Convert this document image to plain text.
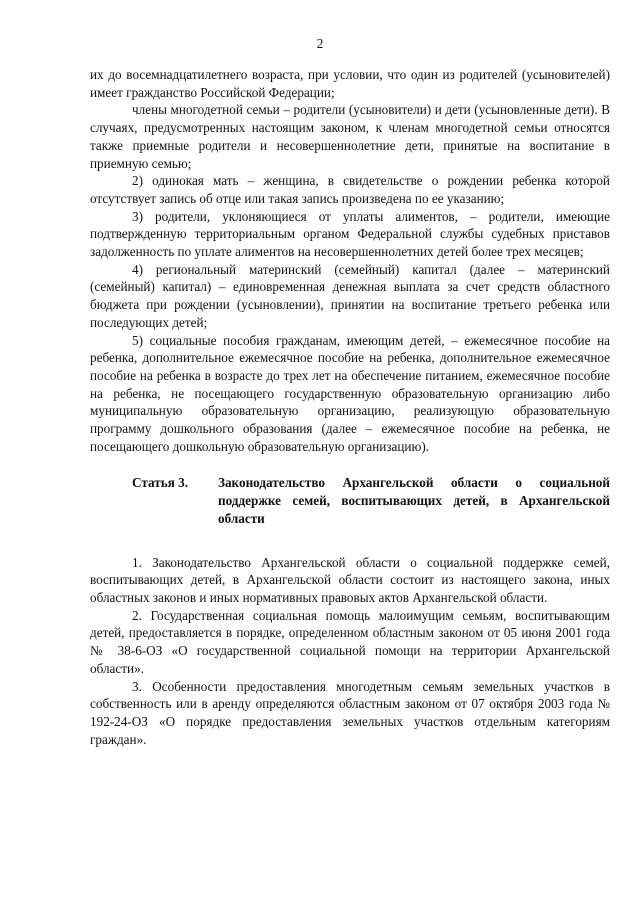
2

их до восемнадцатилетнего возраста, при условии, что один из родителей (усыновителей) имеет гражданство Российской Федерации;

члены многодетной семьи – родители (усыновители) и дети (усыновленные дети). В случаях, предусмотренных настоящим законом, к членам многодетной семьи относятся также приемные родители и несовершеннолетние дети, принятые на воспитание в приемную семью;

2) одинокая мать – женщина, в свидетельстве о рождении ребенка которой отсутствует запись об отце или такая запись произведена по ее указанию;

3) родители, уклоняющиеся от уплаты алиментов, – родители, имеющие подтвержденную территориальным органом Федеральной службы судебных приставов задолженность по уплате алиментов на несовершеннолетних детей более трех месяцев;

4) региональный материнский (семейный) капитал (далее – материнский (семейный) капитал) – единовременная денежная выплата за счет средств областного бюджета при рождении (усыновлении), принятии на воспитание третьего ребенка или последующих детей;

5) социальные пособия гражданам, имеющим детей, – ежемесячное пособие на ребенка, дополнительное ежемесячное пособие на ребенка, дополнительное ежемесячное пособие на ребенка в возрасте до трех лет на обеспечение питанием, ежемесячное пособие на ребенка, не посещающего государственную образовательную организацию либо муниципальную образовательную организацию, реализующую образовательную программу дошкольного образования (далее – ежемесячное пособие на ребенка, не посещающего дошкольную образовательную организацию).

Статья 3.	Законодательство Архангельской области о социальной поддержке семей, воспитывающих детей, в Архангельской области

1. Законодательство Архангельской области о социальной поддержке семей, воспитывающих детей, в Архангельской области состоит из настоящего закона, иных областных законов и иных нормативных правовых актов Архангельской области.

2. Государственная социальная помощь малоимущим семьям, воспитывающим детей, предоставляется в порядке, определенном областным законом от 05 июня 2001 года № 38-6-ОЗ «О государственной социальной помощи на территории Архангельской области».

3. Особенности предоставления многодетным семьям земельных участков в собственность или в аренду определяются областным законом от 07 октября 2003 года № 192-24-ОЗ «О порядке предоставления земельных участков отдельным категориям граждан».
